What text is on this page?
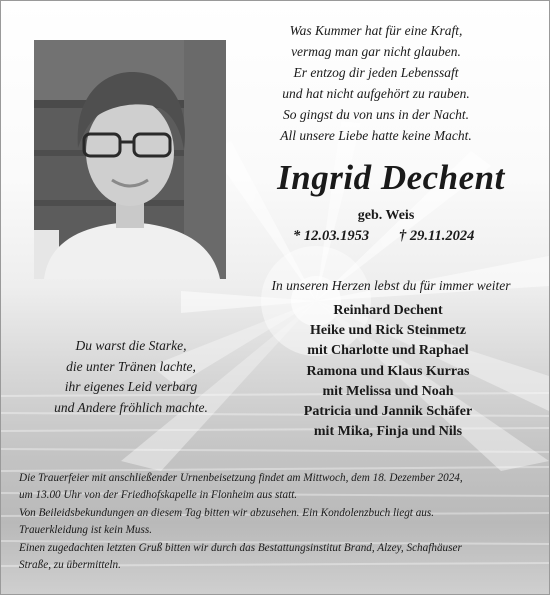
Was Kummer hat für eine Kraft,
vermag man gar nicht glauben.
Er entzog dir jeden Lebenssaft
und hat nicht aufgehört zu rauben.
So gingst du von uns in der Nacht.
All unsere Liebe hatte keine Macht.
Ingrid Dechent
geb. Weis
* 12.03.1953 † 29.11.2024
In unseren Herzen lebst du für immer weiter
Reinhard Dechent
Heike und Rick Steinmetz
mit Charlotte und Raphael
Ramona und Klaus Kurras
mit Melissa und Noah
Patricia und Jannik Schäfer
mit Mika, Finja und Nils
Du warst die Starke,
die unter Tränen lachte,
ihr eigenes Leid verbarg
und Andere fröhlich machte.
Die Trauerfeier mit anschließender Urnenbeisetzung findet am Mittwoch, dem 18. Dezember 2024,
um 13.00 Uhr von der Friedhofskapelle in Flonheim aus statt.
Von Beileidsbekundungen an diesem Tag bitten wir abzusehen. Ein Kondolenzbuch liegt aus.
Trauerkleidung ist kein Muss.
Einen zugedachten letzten Gruß bitten wir durch das Bestattungsinstitut Brand, Alzey, Schafhäuser
Straße, zu übermitteln.
